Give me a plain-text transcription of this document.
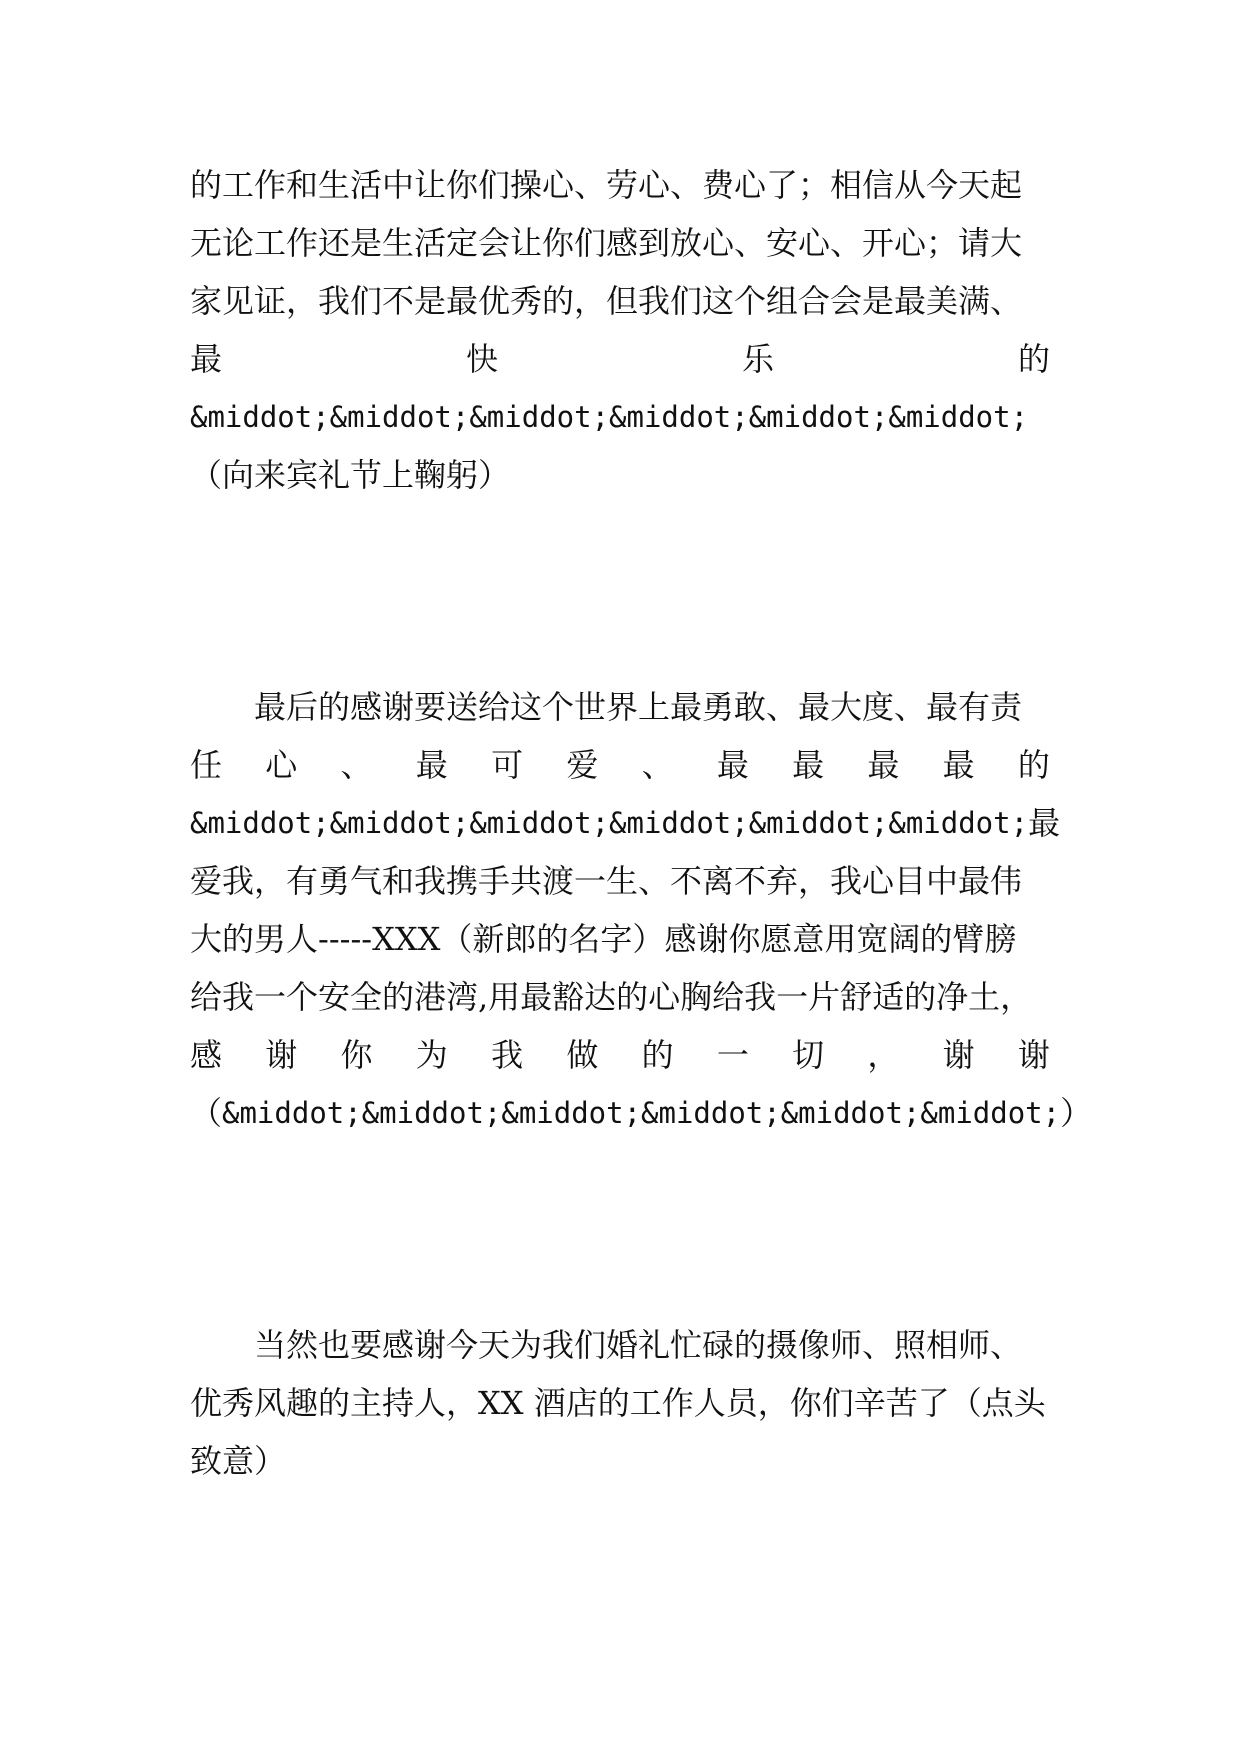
的工作和生活中让你们操心、劳心、费心了；相信从今天起
无论工作还是生活定会让你们感到放心、安心、开心；请大
家见证，我们不是最优秀的，但我们这个组合会是最美满、
最	快	乐	的
&middot;&middot;&middot;&middot;&middot;&middot;
（向来宾礼节上鞠躬）
最后的感谢要送给这个世界上最勇敢、最大度、最有责
任 心 、 最 可 爱 、 最 最 最 最 的
&middot;&middot;&middot;&middot;&middot;&middot; 最
爱我，有勇气和我携手共渡一生、不离不弃，我心目中最伟
大的男人-----XXX（新郎的名字）感谢你愿意用宽阔的臂膀
给我一个安全的港湾,用最豁达的心胸给我一片舒适的净土，
感 谢 你 为 我 做 的 一 切 ， 谢 谢
（ &middot;&middot;&middot;&middot;&middot;&middot; ）
当然也要感谢今天为我们婚礼忙碌的摄像师、照相师、
优秀风趣的主持人，XX 酒店的工作人员，你们辛苦了（点头
致意）
